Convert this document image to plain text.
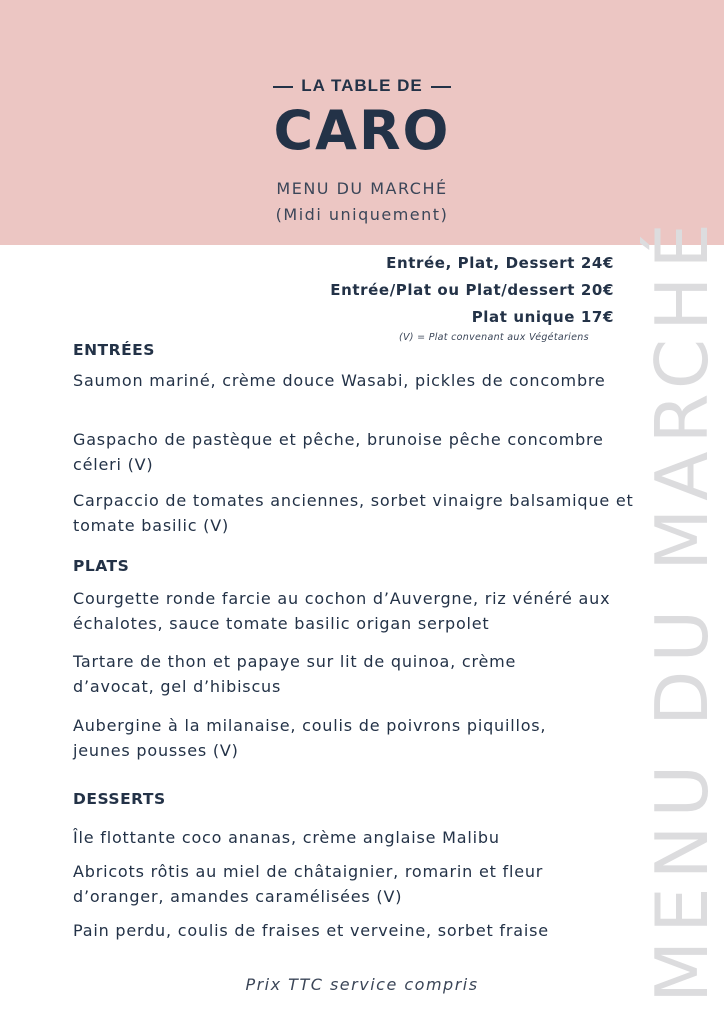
LA TABLE DE
CARO
MENU DU MARCHÉ
(Midi uniquement)
MENU DU MARCHÉ
Entrée, Plat, Dessert 24€
Entrée/Plat ou Plat/dessert 20€
Plat unique 17€
(V) = Plat convenant aux Végétariens
ENTRÉES
Saumon mariné, crème douce Wasabi, pickles de concombre
Gaspacho de pastèque et pêche, brunoise pêche concombre céleri (V)
Carpaccio de tomates anciennes, sorbet vinaigre balsamique et tomate basilic (V)
PLATS
Courgette ronde farcie au cochon d’Auvergne, riz vénéré aux échalotes, sauce tomate basilic origan serpolet
Tartare de thon et papaye sur lit de quinoa, crème d’avocat, gel d’hibiscus
Aubergine à la milanaise, coulis de poivrons piquillos, jeunes pousses (V)
DESSERTS
Île flottante coco ananas, crème anglaise Malibu
Abricots rôtis au miel de châtaignier, romarin et fleur d’oranger, amandes caramélisées (V)
Pain perdu, coulis de fraises et verveine, sorbet fraise
Prix TTC service compris
